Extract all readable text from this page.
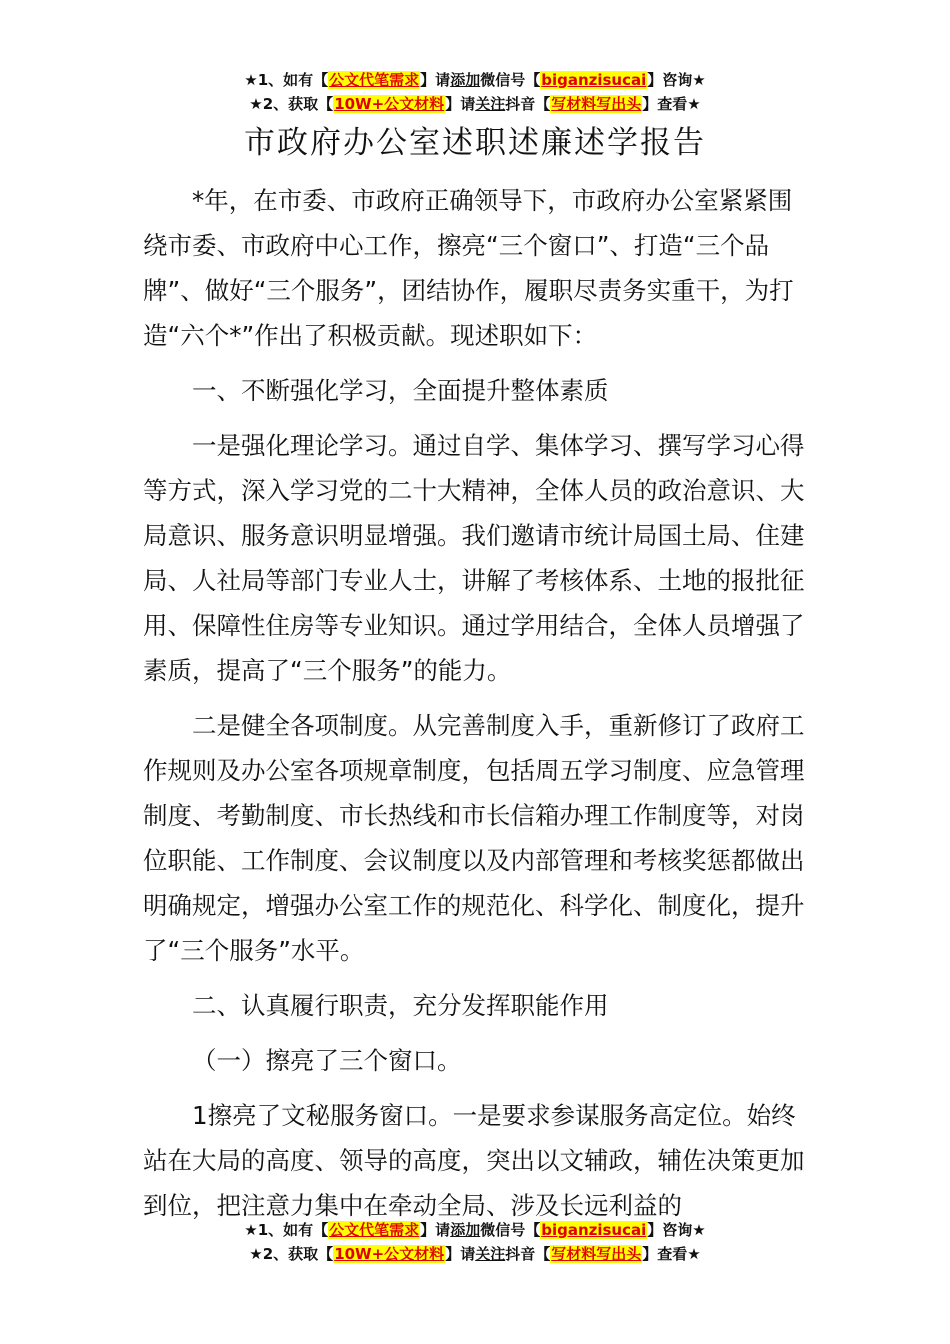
★1、如有【公文代笔需求】请添加微信号【biganzisucai】咨询★
★2、获取【10W+公文材料】请关注抖音【写材料写出头】查看★
市政府办公室述职述廉述学报告

*年，在市委、市政府正确领导下，市政府办公室紧紧围绕市委、市政府中心工作，擦亮“三个窗口”、打造“三个品牌”、做好“三个服务”，团结协作，履职尽责务实重干，为打造“六个*”作出了积极贡献。现述职如下：

一、不断强化学习，全面提升整体素质

一是强化理论学习。通过自学、集体学习、撰写学习心得等方式，深入学习党的二十大精神，全体人员的政治意识、大局意识、服务意识明显增强。我们邀请市统计局国土局、住建局、人社局等部门专业人士，讲解了考核体系、土地的报批征用、保障性住房等专业知识。通过学用结合，全体人员增强了素质，提高了“三个服务”的能力。

二是健全各项制度。从完善制度入手，重新修订了政府工作规则及办公室各项规章制度，包括周五学习制度、应急管理制度、考勤制度、市长热线和市长信箱办理工作制度等，对岗位职能、工作制度、会议制度以及内部管理和考核奖惩都做出明确规定，增强办公室工作的规范化、科学化、制度化，提升了“三个服务”水平。

二、认真履行职责，充分发挥职能作用

（一）擦亮了三个窗口。

1擦亮了文秘服务窗口。一是要求参谋服务高定位。始终站在大局的高度、领导的高度，突出以文辅政，辅佐决策更加到位，把注意力集中在牵动全局、涉及长远利益的

★1、如有【公文代笔需求】请添加微信号【biganzisucai】咨询★
★2、获取【10W+公文材料】请关注抖音【写材料写出头】查看★
